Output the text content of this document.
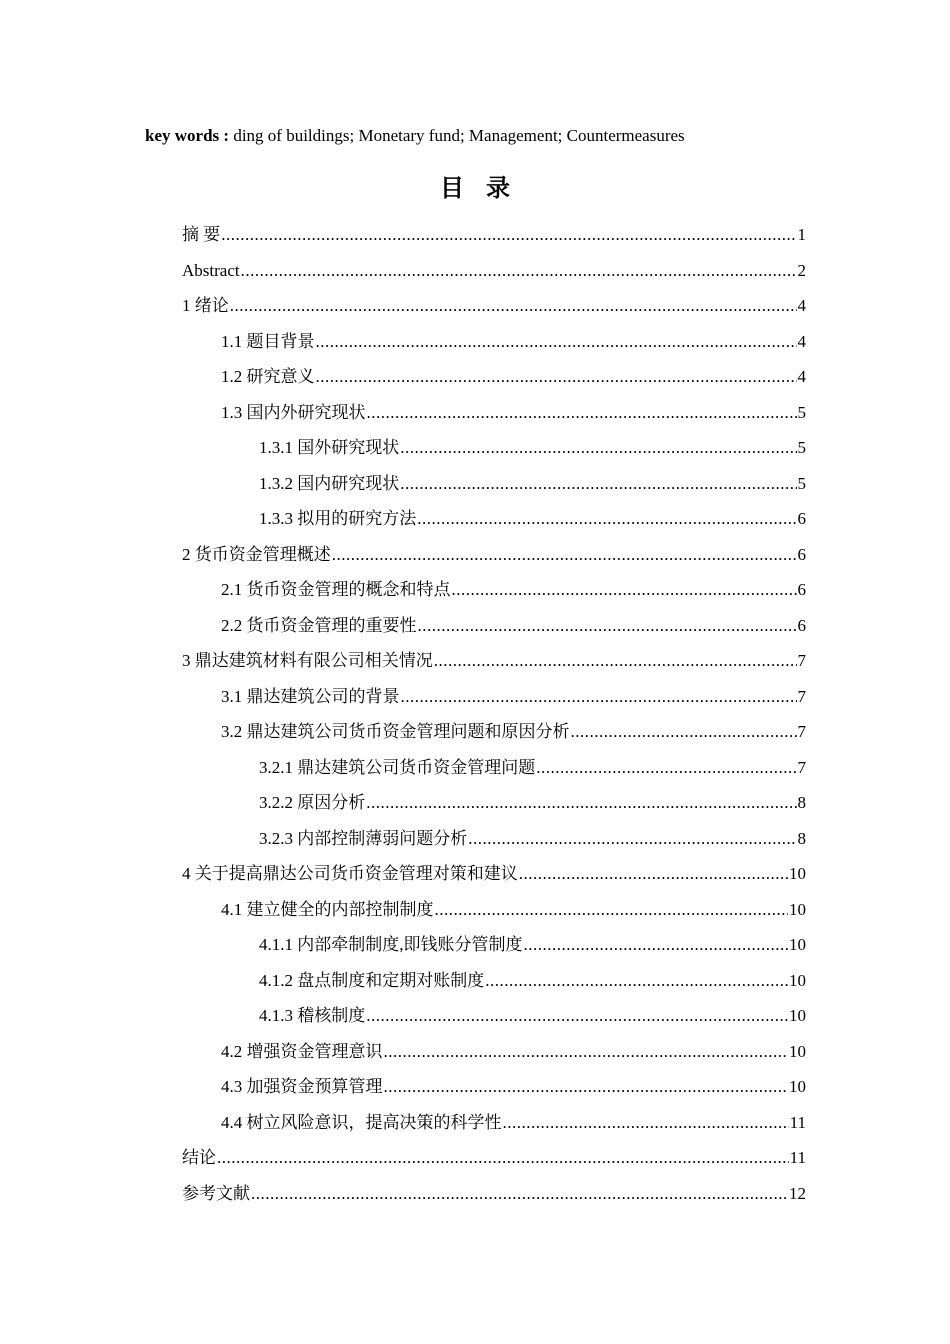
key words : ding of buildings; Monetary fund; Management; Countermeasures
目录
摘 要 .....	1
Abstract .....	2
1 绪论 .....	4
1.1 题目背景 .....	4
1.2 研究意义 .....	4
1.3 国内外研究现状 .....	5
1.3.1 国外研究现状 .....	5
1.3.2 国内研究现状 .....	5
1.3.3 拟用的研究方法 .....	6
2 货币资金管理概述 .....	6
2.1 货币资金管理的概念和特点 .....	6
2.2 货币资金管理的重要性 .....	6
3 鼎达建筑材料有限公司相关情况 .....	7
3.1 鼎达建筑公司的背景 .....	7
3.2 鼎达建筑公司货币资金管理问题和原因分析 .....	7
3.2.1 鼎达建筑公司货币资金管理问题 .....	7
3.2.2 原因分析 .....	8
3.2.3 内部控制薄弱问题分析 .....	8
4 关于提高鼎达公司货币资金管理对策和建议 .....	10
4.1 建立健全的内部控制制度 .....	10
4.1.1 内部牵制制度,即钱账分管制度 .....	10
4.1.2 盘点制度和定期对账制度 .....	10
4.1.3 稽核制度 .....	10
4.2 增强资金管理意识 .....	10
4.3 加强资金预算管理 .....	10
4.4 树立风险意识，提高决策的科学性 .....	11
结论 .....	11
参考文献 .....	12
